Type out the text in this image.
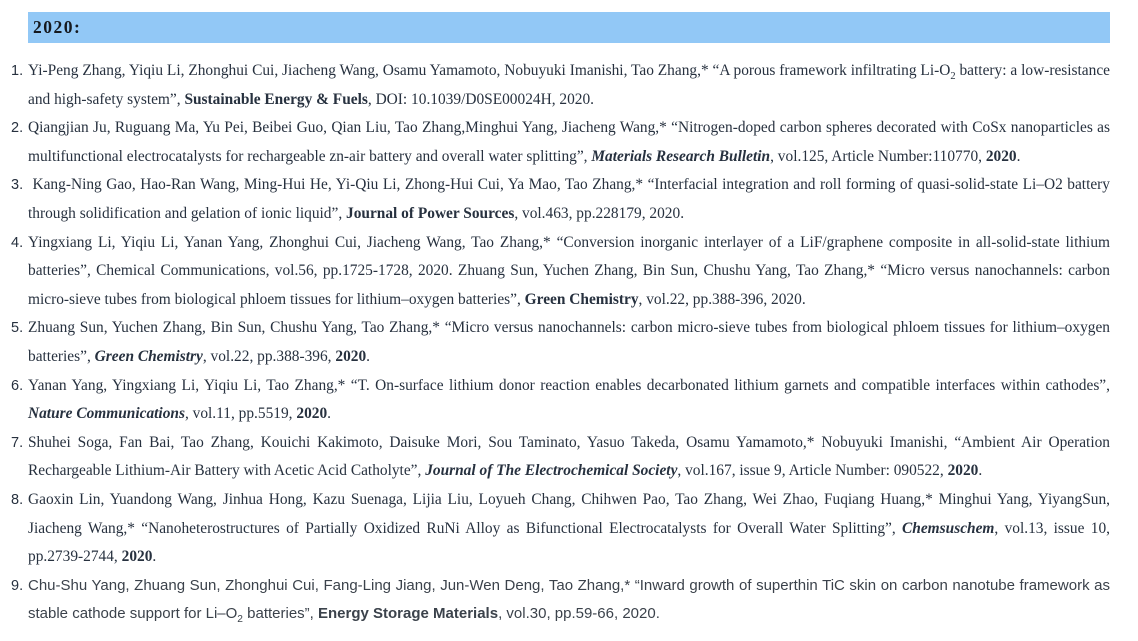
2020:
1. Yi-Peng Zhang, Yiqiu Li, Zhonghui Cui, Jiacheng Wang, Osamu Yamamoto, Nobuyuki Imanishi, Tao Zhang,* “A porous framework infiltrating $Li-O_2$ battery: a low-resistance and high-safety system”, Sustainable Energy & Fuels, DOI: 10.1039/D0SE00024H, 2020.
2. Qiangjian Ju, Ruguang Ma, Yu Pei, Beibei Guo, Qian Liu, Tao Zhang,Minghui Yang, Jiacheng Wang,* “Nitrogen-doped carbon spheres decorated with CoSx nanoparticles as multifunctional electrocatalysts for rechargeable zn-air battery and overall water splitting”, Materials Research Bulletin, vol.125, Article Number:110770, 2020.
3. Kang-Ning Gao, Hao-Ran Wang, Ming-Hui He, Yi-Qiu Li, Zhong-Hui Cui, Ya Mao, Tao Zhang,* “Interfacial integration and roll forming of quasi-solid-state Li–O2 battery through solidification and gelation of ionic liquid”, Journal of Power Sources, vol.463, pp.228179, 2020.
4. Yingxiang Li, Yiqiu Li, Yanan Yang, Zhonghui Cui, Jiacheng Wang, Tao Zhang,* “Conversion inorganic interlayer of a LiF/graphene composite in all-solid-state lithium batteries”, Chemical Communications, vol.56, pp.1725-1728, 2020. Zhuang Sun, Yuchen Zhang, Bin Sun, Chushu Yang, Tao Zhang,* “Micro versus nanochannels: carbon micro-sieve tubes from biological phloem tissues for lithium–oxygen batteries”, Green Chemistry, vol.22, pp.388-396, 2020.
5. Zhuang Sun, Yuchen Zhang, Bin Sun, Chushu Yang, Tao Zhang,* “Micro versus nanochannels: carbon micro-sieve tubes from biological phloem tissues for lithium–oxygen batteries”, Green Chemistry, vol.22, pp.388-396, 2020.
6. Yanan Yang, Yingxiang Li, Yiqiu Li, Tao Zhang,* “T. On-surface lithium donor reaction enables decarbonated lithium garnets and compatible interfaces within cathodes”, Nature Communications, vol.11, pp.5519, 2020.
7. Shuhei Soga, Fan Bai, Tao Zhang, Kouichi Kakimoto, Daisuke Mori, Sou Taminato, Yasuo Takeda, Osamu Yamamoto,* Nobuyuki Imanishi, “Ambient Air Operation Rechargeable Lithium-Air Battery with Acetic Acid Catholyte”, Journal of The Electrochemical Society, vol.167, issue 9, Article Number: 090522, 2020.
8. Gaoxin Lin, Yuandong Wang, Jinhua Hong, Kazu Suenaga, Lijia Liu, Loyueh Chang, Chihwen Pao, Tao Zhang, Wei Zhao, Fuqiang Huang,* Minghui Yang, YiyangSun, Jiacheng Wang,* “Nanoheterostructures of Partially Oxidized RuNi Alloy as Bifunctional Electrocatalysts for Overall Water Splitting”, Chemsuschem, vol.13, issue 10, pp.2739-2744, 2020.
9. Chu-Shu Yang, Zhuang Sun, Zhonghui Cui, Fang-Ling Jiang, Jun-Wen Deng, Tao Zhang,* “Inward growth of superthin TiC skin on carbon nanotube framework as stable cathode support for $Li-O_2$ batteries”, Energy Storage Materials, vol.30, pp.59-66, 2020.
